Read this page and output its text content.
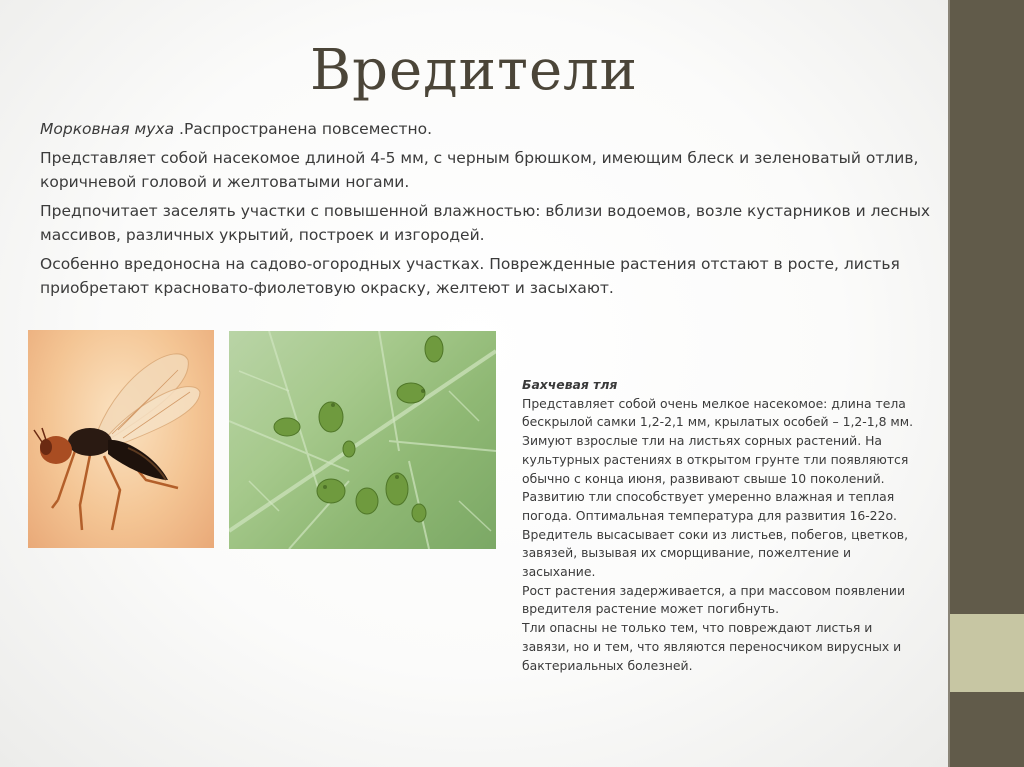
Вредители

Морковная муха .Распространена повсеместно.

Представляет собой насекомое длиной 4-5 мм, с черным брюшком, имеющим блеск и зеленоватый отлив, коричневой головой и желтоватыми ногами.

Предпочитает заселять участки с повышенной влажностью: вблизи водоемов, возле кустарников и лесных массивов, различных укрытий, построек и изгородей.

Особенно вредоносна на садово-огородных участках. Поврежденные растения отстают в росте, листья приобретают красновато-фиолетовую окраску, желтеют и засыхают.

Бахчевая тля

Представляет собой очень мелкое насекомое: длина тела бескрылой самки 1,2-2,1 мм, крылатых особей – 1,2-1,8 мм.

Зимуют взрослые тли на листьях сорных растений. На культурных растениях в открытом грунте тли появляются обычно с конца июня, развивают свыше 10 поколений.

Развитию тли способствует умеренно влажная и теплая погода. Оптимальная температура для развития 16-22о.

Вредитель высасывает соки из листьев, побегов, цветков, завязей, вызывая их сморщивание, пожелтение и засыхание.

Рост растения задерживается, а при массовом появлении вредителя растение может погибнуть.

Тли опасны не только тем, что повреждают листья и завязи, но и тем, что являются переносчиком вирусных и бактериальных болезней.
